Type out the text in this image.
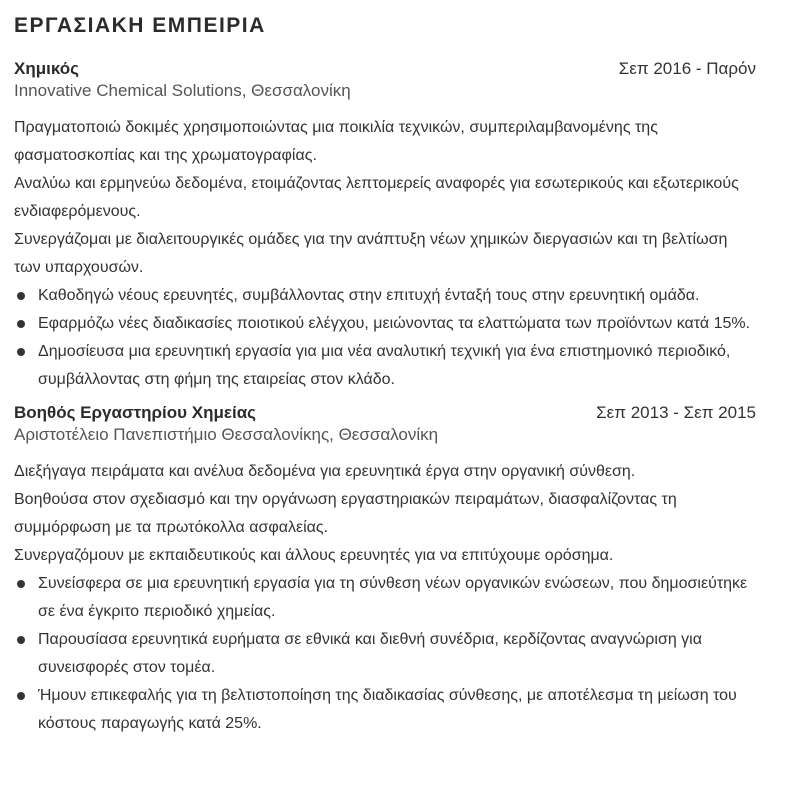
ΕΡΓΑΣΙΑΚΗ ΕΜΠΕΙΡΙΑ
Χημικός	Σεπ 2016 - Παρόν
Innovative Chemical Solutions, Θεσσαλονίκη

Πραγματοποιώ δοκιμές χρησιμοποιώντας μια ποικιλία τεχνικών, συμπεριλαμβανομένης της φασματοσκοπίας και της χρωματογραφίας.

Αναλύω και ερμηνεύω δεδομένα, ετοιμάζοντας λεπτομερείς αναφορές για εσωτερικούς και εξωτερικούς ενδιαφερόμενους.

Συνεργάζομαι με διαλειτουργικές ομάδες για την ανάπτυξη νέων χημικών διεργασιών και τη βελτίωση των υπαρχουσών.

Καθοδηγώ νέους ερευνητές, συμβάλλοντας στην επιτυχή ένταξή τους στην ερευνητική ομάδα.
Εφαρμόζω νέες διαδικασίες ποιοτικού ελέγχου, μειώνοντας τα ελαττώματα των προϊόντων κατά 15%.
Δημοσίευσα μια ερευνητική εργασία για μια νέα αναλυτική τεχνική για ένα επιστημονικό περιοδικό, συμβάλλοντας στη φήμη της εταιρείας στον κλάδο.
Βοηθός Εργαστηρίου Χημείας	Σεπ 2013 - Σεπ 2015
Αριστοτέλειο Πανεπιστήμιο Θεσσαλονίκης, Θεσσαλονίκη

Διεξήγαγα πειράματα και ανέλυα δεδομένα για ερευνητικά έργα στην οργανική σύνθεση.

Βοηθούσα στον σχεδιασμό και την οργάνωση εργαστηριακών πειραμάτων, διασφαλίζοντας τη συμμόρφωση με τα πρωτόκολλα ασφαλείας.

Συνεργαζόμουν με εκπαιδευτικούς και άλλους ερευνητές για να επιτύχουμε ορόσημα.

Συνείσφερα σε μια ερευνητική εργασία για τη σύνθεση νέων οργανικών ενώσεων, που δημοσιεύτηκε σε ένα έγκριτο περιοδικό χημείας.
Παρουσίασα ερευνητικά ευρήματα σε εθνικά και διεθνή συνέδρια, κερδίζοντας αναγνώριση για συνεισφορές στον τομέα.
Ήμουν επικεφαλής για τη βελτιστοποίηση της διαδικασίας σύνθεσης, με αποτέλεσμα τη μείωση του κόστους παραγωγής κατά 25%.
